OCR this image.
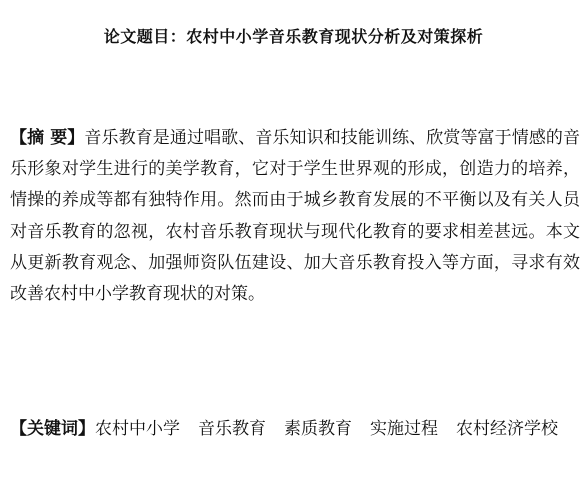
论文题目：农村中小学音乐教育现状分析及对策探析

【摘 要】音乐教育是通过唱歌、音乐知识和技能训练、欣赏等富于情感的音乐形象对学生进行的美学教育，它对于学生世界观的形成，创造力的培养，情操的养成等都有独特作用。然而由于城乡教育发展的不平衡以及有关人员对音乐教育的忽视，农村音乐教育现状与现代化教育的要求相差甚远。本文从更新教育观念、加强师资队伍建设、加大音乐教育投入等方面，寻求有效改善农村中小学教育现状的对策。

【关键词】农村中小学 音乐教育 素质教育 实施过程 农村经济学校
